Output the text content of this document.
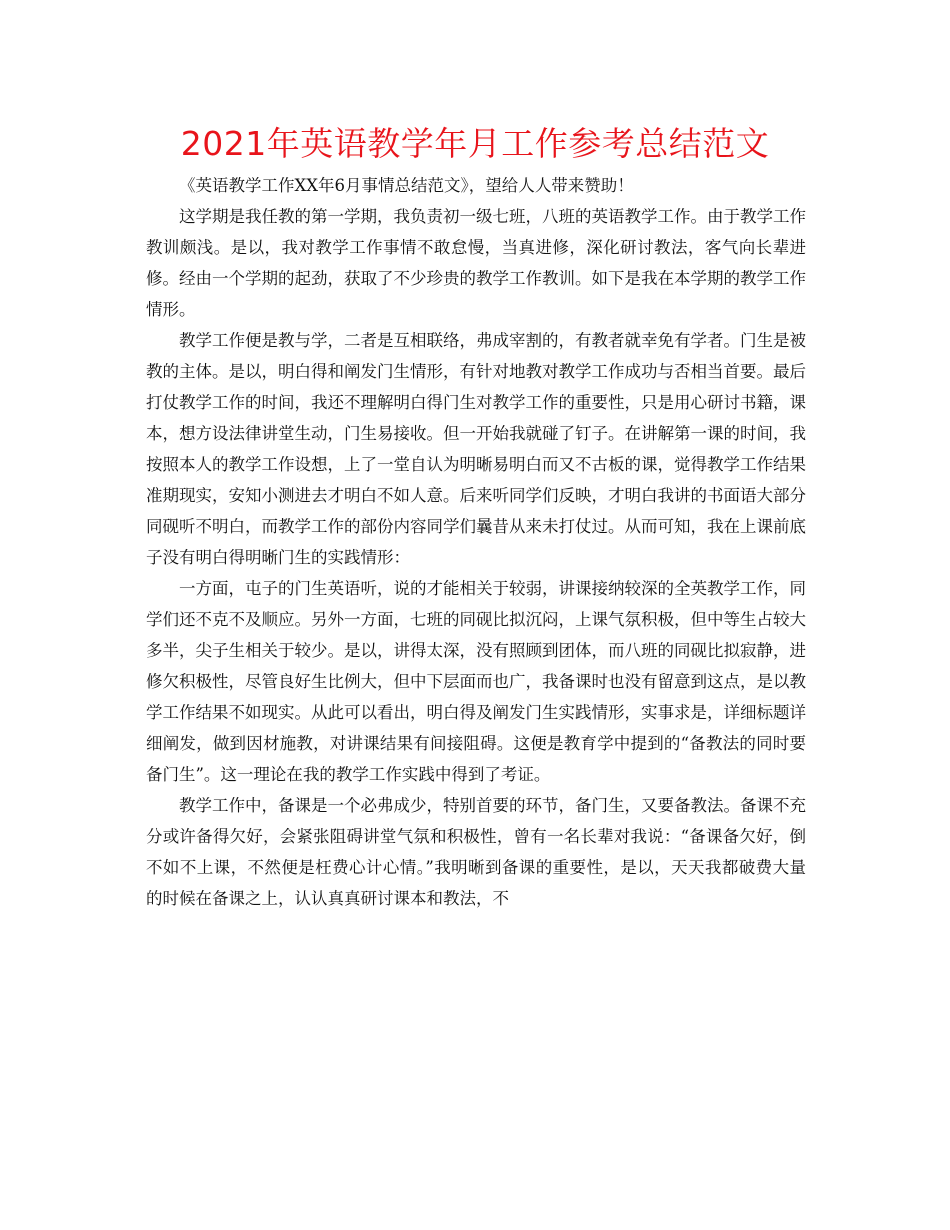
2021年英语教学年月工作参考总结范文

《英语教学工作XX年6月事情总结范文》，望给人人带来赞助！

这学期是我任教的第一学期，我负责初一级七班，八班的英语教学工作。由于教学工作教训颇浅。是以，我对教学工作事情不敢怠慢，当真进修，深化研讨教法，客气向长辈进修。经由一个学期的起劲，获取了不少珍贵的教学工作教训。如下是我在本学期的教学工作情形。

教学工作便是教与学，二者是互相联络，弗成宰割的，有教者就幸免有学者。门生是被教的主体。是以，明白得和阐发门生情形，有针对地教对教学工作成功与否相当首要。最后打仗教学工作的时间，我还不理解明白得门生对教学工作的重要性，只是用心研讨书籍，课本，想方设法律讲堂生动，门生易接收。但一开始我就碰了钉子。在讲解第一课的时间，我按照本人的教学工作设想，上了一堂自认为明晰易明白而又不古板的课，觉得教学工作结果准期现实，安知小测进去才明白不如人意。后来听同学们反映，才明白我讲的书面语大部分同砚听不明白，而教学工作的部份内容同学们曩昔从来未打仗过。从而可知，我在上课前底子没有明白得明晰门生的实践情形：

一方面，屯子的门生英语听，说的才能相关于较弱，讲课接纳较深的全英教学工作，同学们还不克不及顺应。另外一方面，七班的同砚比拟沉闷，上课气氛积极，但中等生占较大多半，尖子生相关于较少。是以，讲得太深，没有照顾到团体，而八班的同砚比拟寂静，进修欠积极性，尽管良好生比例大，但中下层面而也广，我备课时也没有留意到这点，是以教学工作结果不如现实。从此可以看出，明白得及阐发门生实践情形，实事求是，详细标题详细阐发，做到因材施教，对讲课结果有间接阻碍。这便是教育学中提到的“备教法的同时要备门生”。这一理论在我的教学工作实践中得到了考证。

教学工作中，备课是一个必弗成少，特别首要的环节，备门生，又要备教法。备课不充分或许备得欠好，会紧张阻碍讲堂气氛和积极性，曾有一名长辈对我说：“备课备欠好，倒不如不上课，不然便是枉费心计心情。”我明晰到备课的重要性，是以，天天我都破费大量的时候在备课之上，认认真真研讨课本和教法，不
